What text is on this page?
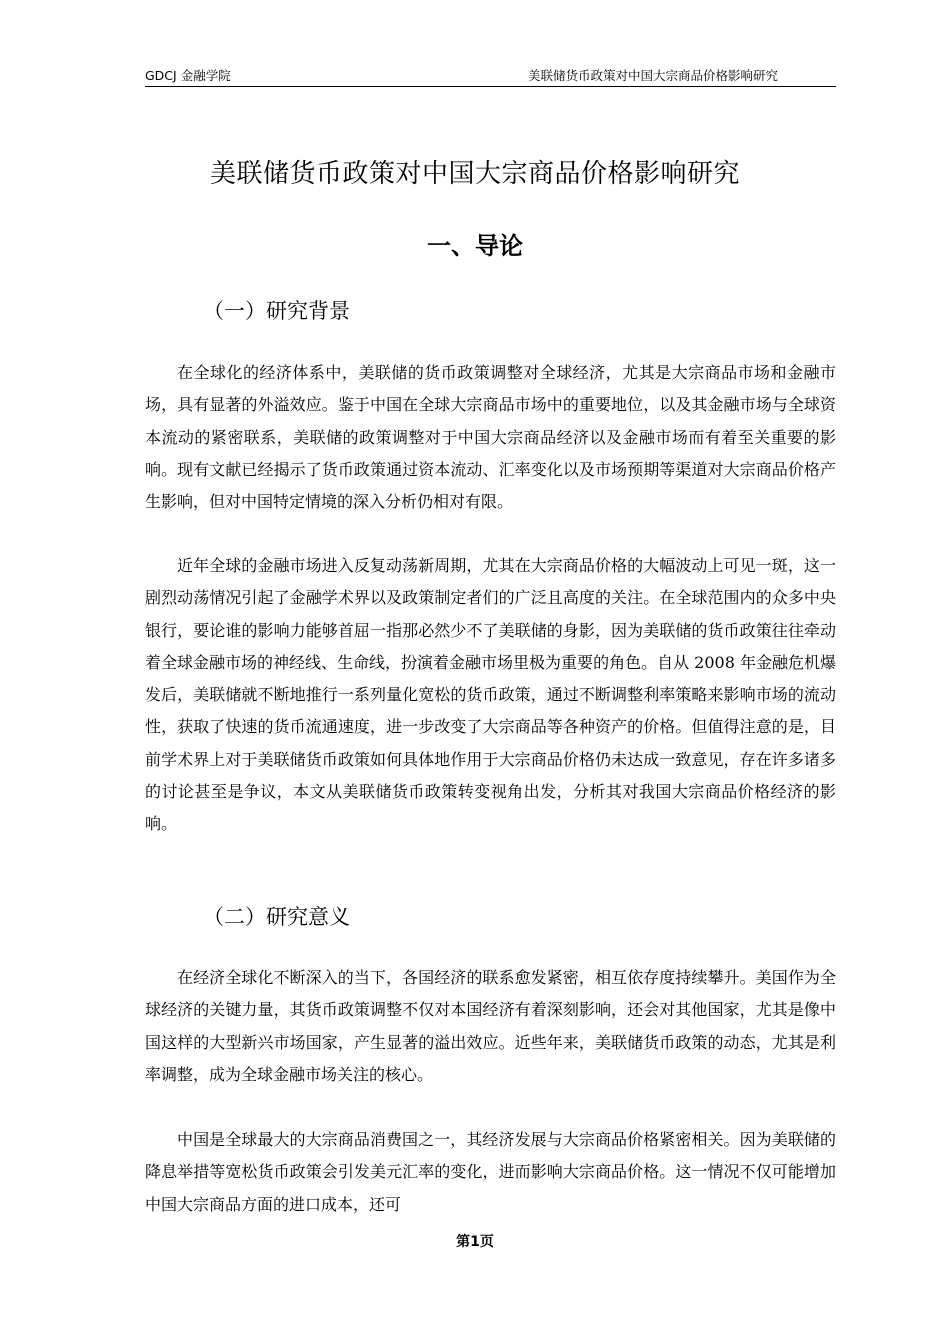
GDCJ 金融学院	美联储货币政策对中国大宗商品价格影响研究
美联储货币政策对中国大宗商品价格影响研究
一、导论
（一）研究背景

在全球化的经济体系中，美联储的货币政策调整对全球经济，尤其是大宗商品市场和金融市场，具有显著的外溢效应。鉴于中国在全球大宗商品市场中的重要地位，以及其金融市场与全球资本流动的紧密联系，美联储的政策调整对于中国大宗商品经济以及金融市场而有着至关重要的影响。现有文献已经揭示了货币政策通过资本流动、汇率变化以及市场预期等渠道对大宗商品价格产生影响，但对中国特定情境的深入分析仍相对有限。

近年全球的金融市场进入反复动荡新周期，尤其在大宗商品价格的大幅波动上可见一斑，这一剧烈动荡情况引起了金融学术界以及政策制定者们的广泛且高度的关注。在全球范围内的众多中央银行，要论谁的影响力能够首屈一指那必然少不了美联储的身影，因为美联储的货币政策往往牵动着全球金融市场的神经线、生命线，扮演着金融市场里极为重要的角色。自从 2008 年金融危机爆发后，美联储就不断地推行一系列量化宽松的货币政策，通过不断调整利率策略来影响市场的流动性，获取了快速的货币流通速度，进一步改变了大宗商品等各种资产的价格。但值得注意的是，目前学术界上对于美联储货币政策如何具体地作用于大宗商品价格仍未达成一致意见，存在许多诸多的讨论甚至是争议，本文从美联储货币政策转变视角出发，分析其对我国大宗商品价格经济的影响。

（二）研究意义

在经济全球化不断深入的当下，各国经济的联系愈发紧密，相互依存度持续攀升。美国作为全球经济的关键力量，其货币政策调整不仅对本国经济有着深刻影响，还会对其他国家，尤其是像中国这样的大型新兴市场国家，产生显著的溢出效应。近些年来，美联储货币政策的动态，尤其是利率调整，成为全球金融市场关注的核心。

中国是全球最大的大宗商品消费国之一，其经济发展与大宗商品价格紧密相关。因为美联储的降息举措等宽松货币政策会引发美元汇率的变化，进而影响大宗商品价格。这一情况不仅可能增加中国大宗商品方面的进口成本，还可

第1页
